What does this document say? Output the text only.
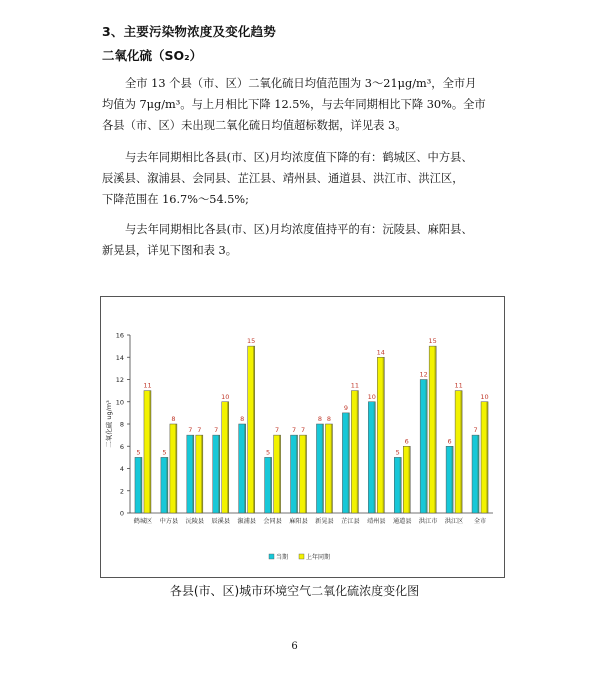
3、主要污染物浓度及变化趋势
二氧化硫（SO₂）

全市 13 个县（市、区）二氧化硫日均值范围为 3～21μg/m³，全市月

均值为 7μg/m³。与上月相比下降 12.5%，与去年同期相比下降 30%。全市

各县（市、区）未出现二氧化硫日均值超标数据，详见表 3。

与去年同期相比各县(市、区)月均浓度值下降的有：鹤城区、中方县、

辰溪县、溆浦县、会同县、芷江县、靖州县、通道县、洪江市、洪江区，

下降范围在 16.7%～54.5%;

与去年同期相比各县(市、区)月均浓度值持平的有：沅陵县、麻阳县、

新晃县，详见下图和表 3。

0
2
4
6
8
10
12
14
16
二氧化硫 ug/m³
5
11
鹤城区
5
8
中方县
7 7
沅陵县
7
10
辰溪县
8
15
溆浦县
5
7
会同县
7 7
麻阳县
8 8
新晃县
9
11
芷江县
10
14
靖州县
5
6
通道县
12
15
洪江市
6
11
洪江区
7
10
全市
当期	上年同期
各县(市、区)城市环境空气二氧化硫浓度变化图
6
